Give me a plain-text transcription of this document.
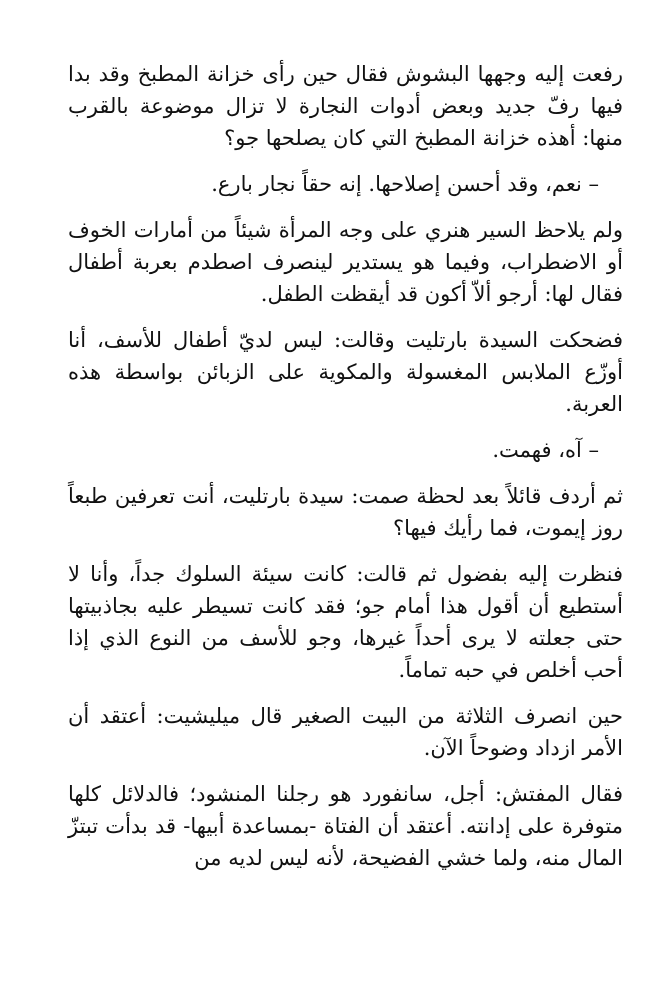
رفعت إليه وجهها البشوش فقال حين رأى خزانة المطبخ وقد بدا فيها رفّ جديد وبعض أدوات النجارة لا تزال موضوعة بالقرب منها: أهذه خزانة المطبخ التي كان يصلحها جو؟

– نعم، وقد أحسن إصلاحها. إنه حقاً نجار بارع.

ولم يلاحظ السير هنري على وجه المرأة شيئاً من أمارات الخوف أو الاضطراب، وفيما هو يستدير لينصرف اصطدم بعربة أطفال فقال لها: أرجو ألاّ أكون قد أيقظت الطفل.

فضحكت السيدة بارتليت وقالت: ليس لديّ أطفال للأسف، أنا أوزّع الملابس المغسولة والمكوية على الزبائن بواسطة هذه العربة.

– آه، فهمت.

ثم أردف قائلاً بعد لحظة صمت: سيدة بارتليت، أنت تعرفين طبعاً روز إيموت، فما رأيك فيها؟

فنظرت إليه بفضول ثم قالت: كانت سيئة السلوك جداً، وأنا لا أستطيع أن أقول هذا أمام جو؛ فقد كانت تسيطر عليه بجاذبيتها حتى جعلته لا يرى أحداً غيرها، وجو للأسف من النوع الذي إذا أحب أخلص في حبه تماماً.

حين انصرف الثلاثة من البيت الصغير قال ميليشيت: أعتقد أن الأمر ازداد وضوحاً الآن.

فقال المفتش: أجل، سانفورد هو رجلنا المنشود؛ فالدلائل كلها متوفرة على إدانته. أعتقد أن الفتاة -بمساعدة أبيها- قد بدأت تبتزّ المال منه، ولما خشي الفضيحة، لأنه ليس لديه من
